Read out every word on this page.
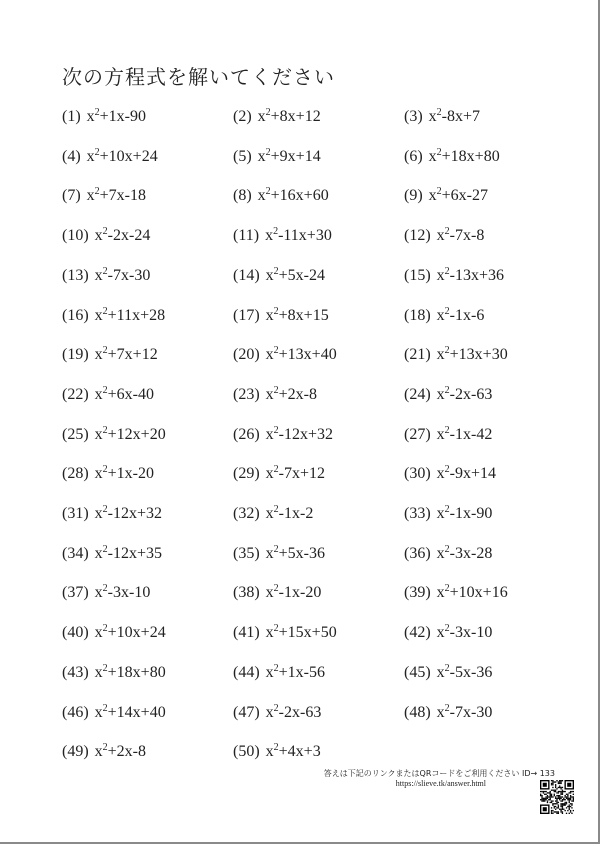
次の方程式を解いてください
(1) $x^2+1x-90$	(2) $x^2+8x+12$	(3) $x^2-8x+7$
(4) $x^2+10x+24$	(5) $x^2+9x+14$	(6) $x^2+18x+80$
(7) $x^2+7x-18$	(8) $x^2+16x+60$	(9) $x^2+6x-27$
(10) $x^2-2x-24$	(11) $x^2-11x+30$	(12) $x^2-7x-8$
(13) $x^2-7x-30$	(14) $x^2+5x-24$	(15) $x^2-13x+36$
(16) $x^2+11x+28$	(17) $x^2+8x+15$	(18) $x^2-1x-6$
(19) $x^2+7x+12$	(20) $x^2+13x+40$	(21) $x^2+13x+30$
(22) $x^2+6x-40$	(23) $x^2+2x-8$	(24) $x^2-2x-63$
(25) $x^2+12x+20$	(26) $x^2-12x+32$	(27) $x^2-1x-42$
(28) $x^2+1x-20$	(29) $x^2-7x+12$	(30) $x^2-9x+14$
(31) $x^2-12x+32$	(32) $x^2-1x-2$	(33) $x^2-1x-90$
(34) $x^2-12x+35$	(35) $x^2+5x-36$	(36) $x^2-3x-28$
(37) $x^2-3x-10$	(38) $x^2-1x-20$	(39) $x^2+10x+16$
(40) $x^2+10x+24$	(41) $x^2+15x+50$	(42) $x^2-3x-10$
(43) $x^2+18x+80$	(44) $x^2+1x-56$	(45) $x^2-5x-36$
(46) $x^2+14x+40$	(47) $x^2-2x-63$	(48) $x^2-7x-30$
(49) $x^2+2x-8$	(50) $x^2+4x+3$
答えは下記のリンクまたはQRコードをご利用ください ID→ 133
https://slieve.tk/answer.html
